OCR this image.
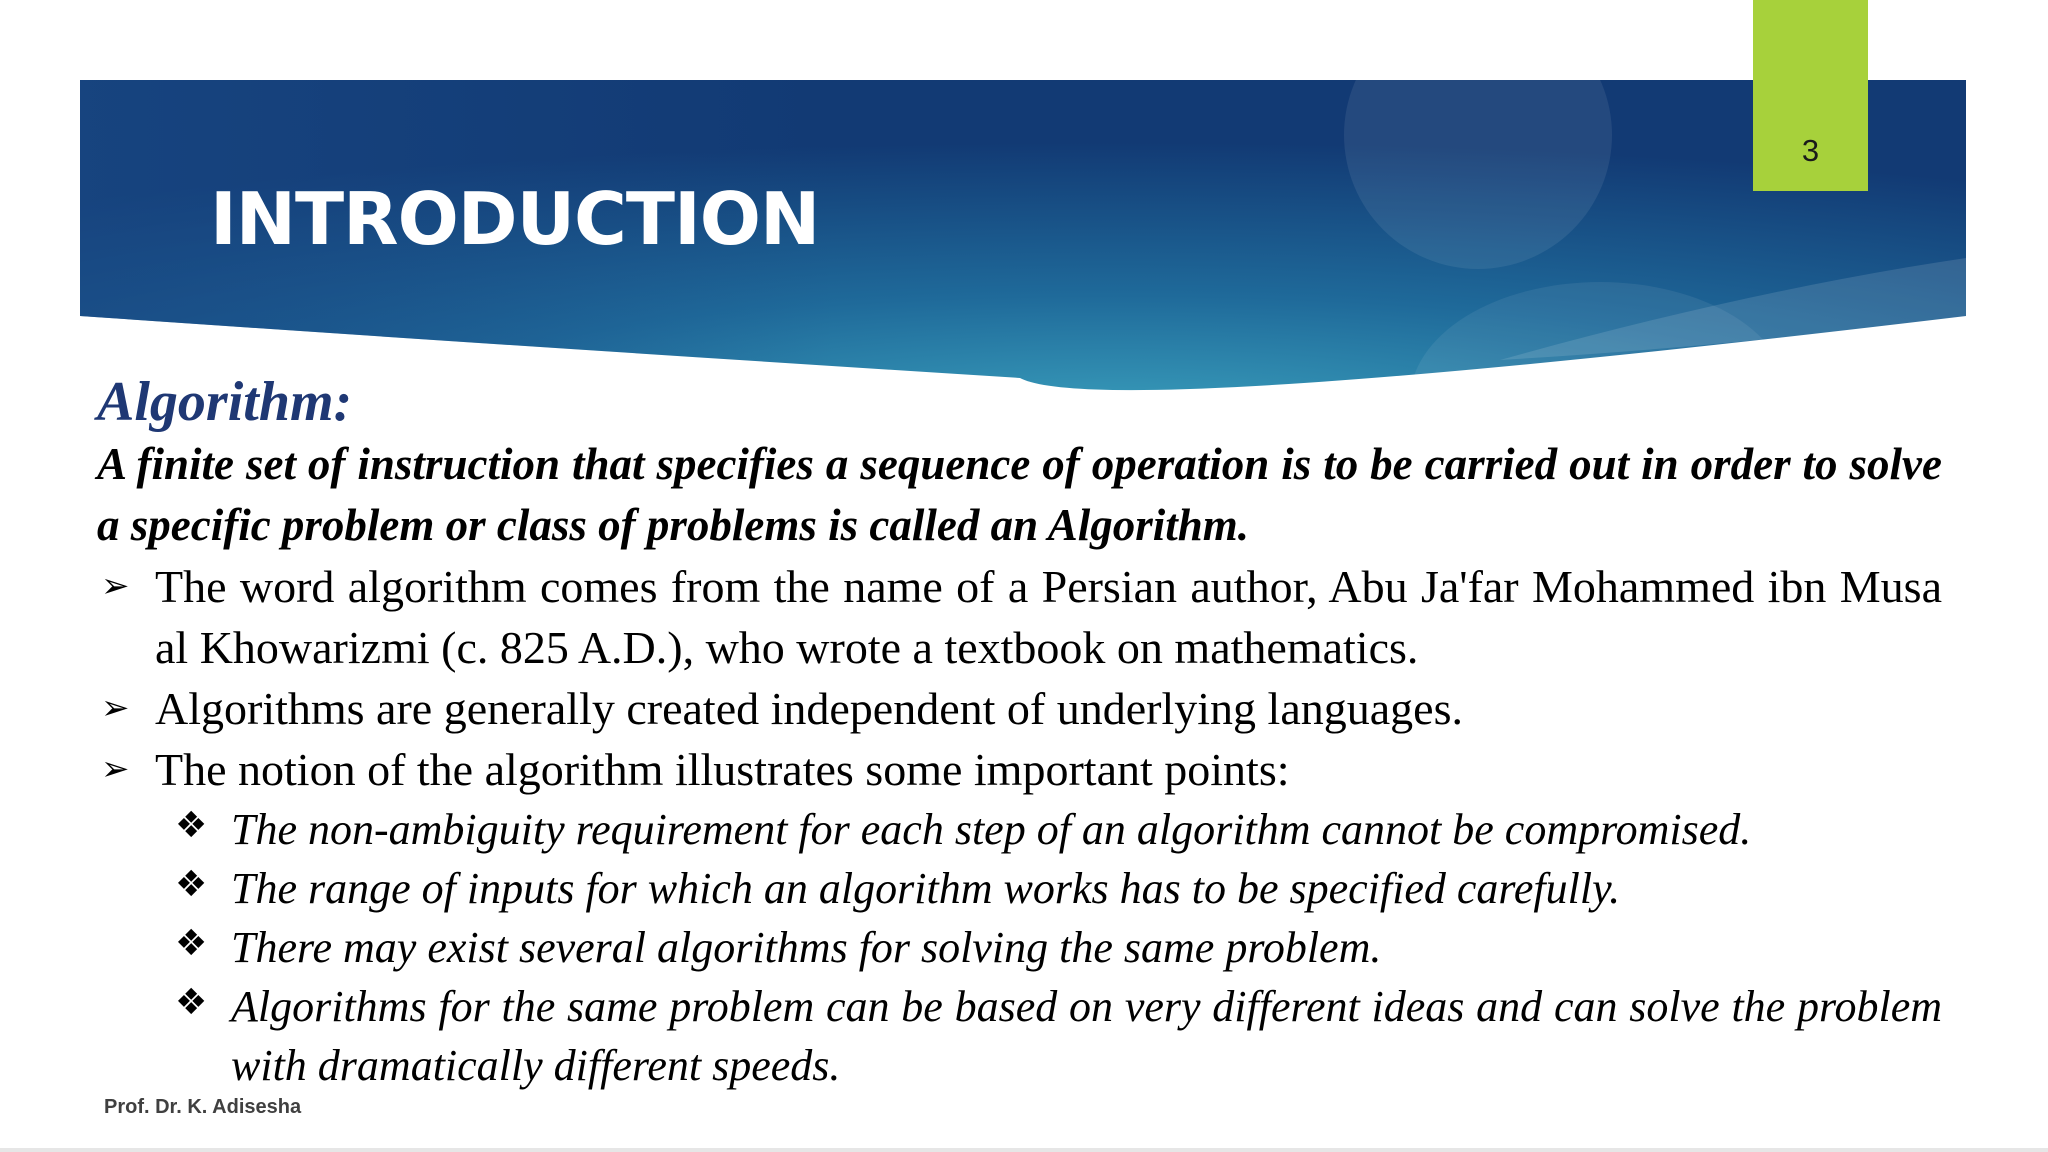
INTRODUCTION
3

Algorithm:

A finite set of instruction that specifies a sequence of operation is to be carried out in order to solve a specific problem or class of problems is called an Algorithm.

➢ The word algorithm comes from the name of a Persian author, Abu Ja'far Mohammed ibn Musa al Khowarizmi (c. 825 A.D.), who wrote a textbook on mathematics.
➢ Algorithms are generally created independent of underlying languages.
➢ The notion of the algorithm illustrates some important points:
❖ The non-ambiguity requirement for each step of an algorithm cannot be compromised.
❖ The range of inputs for which an algorithm works has to be specified carefully.
❖ There may exist several algorithms for solving the same problem.
❖ Algorithms for the same problem can be based on very different ideas and can solve the problem with dramatically different speeds.
Prof. Dr. K. Adisesha
